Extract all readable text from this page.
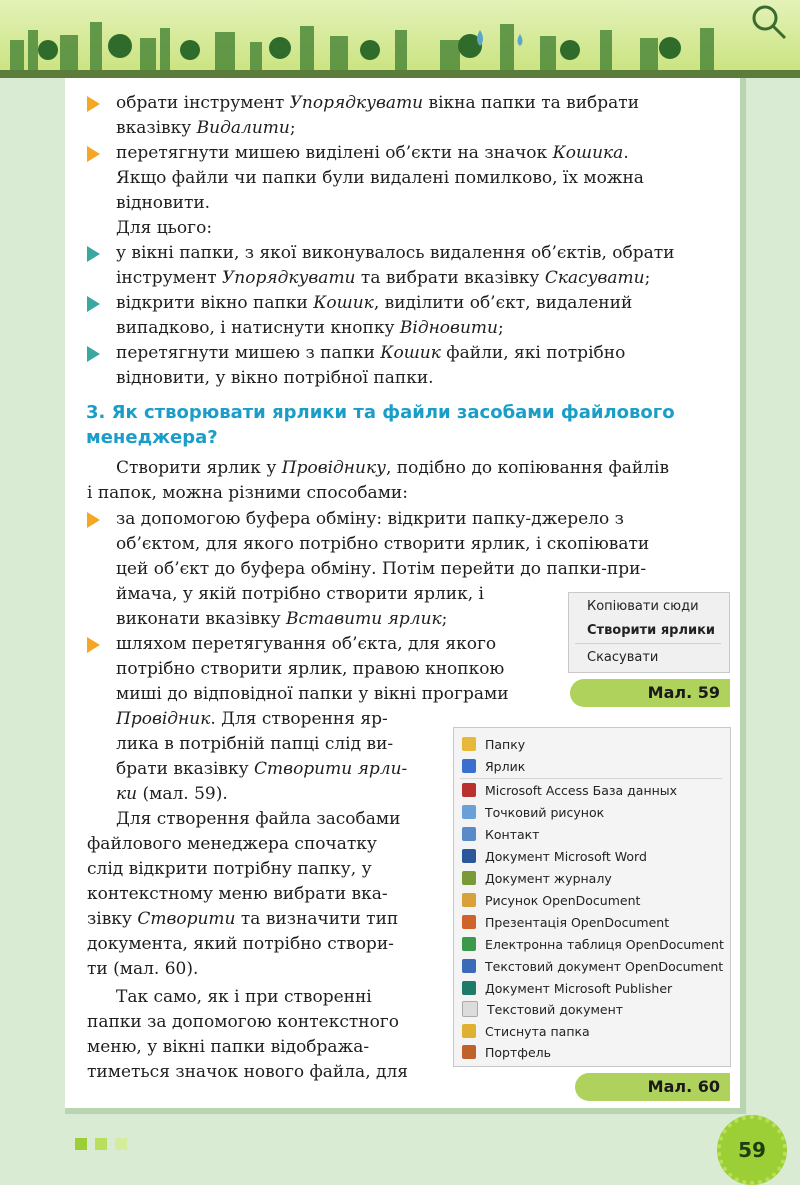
59
обрати інструмент Упорядкувати вікна папки та вибрати
вказівку Видалити;
перетягнути мишею виділені об’єкти на значок Кошика.
Якщо файли чи папки були видалені помилково, їх можна
відновити.
Для цього:
у вікні папки, з якої виконувалось видалення об’єктів, обрати
інструмент Упорядкувати та вибрати вказівку Скасувати;
відкрити вікно папки Кошик, виділити об’єкт, видалений
випадково, і натиснути кнопку Відновити;
перетягнути мишею з папки Кошик файли, які потрібно
відновити, у вікно потрібної папки.
3. Як створювати ярлики та файли засобами файлового менеджера?
Створити ярлик у Провіднику, подібно до копіювання файлів
і папок, можна різними способами:
за допомогою буфера обміну: відкрити папку-джерело з
об’єктом, для якого потрібно створити ярлик, і скопіювати
цей об’єкт до буфера обміну. Потім перейти до папки-при-
ймача, у якій потрібно створити ярлик, і
виконати вказівку Вставити ярлик;
шляхом перетягування об’єкта, для якого
потрібно створити ярлик, правою кнопкою
миші до відповідної папки у вікні програми
Провідник. Для створення яр-
лика в потрібній папці слід ви-
брати вказівку Створити ярли-
ки (мал. 59).
Для створення файла засобами
файлового менеджера спочатку
слід відкрити потрібну папку, у
контекстному меню вибрати вка-
зівку Створити та визначити тип
документа, який потрібно створи-
ти (мал. 60).
Так само, як і при створенні
папки за допомогою контекстного
меню, у вікні папки відобража-
тиметься значок нового файла, для
Копіювати сюди
Створити ярлики
Скасувати
Мал. 59
Папку
Ярлик
Microsoft Access База данных
Точковий рисунок
Контакт
Документ Microsoft Word
Документ журналу
Рисунок OpenDocument
Презентація OpenDocument
Електронна таблиця OpenDocument
Текстовий документ OpenDocument
Документ Microsoft Publisher
Текстовий документ
Стиснута папка
Портфель
Мал. 60
